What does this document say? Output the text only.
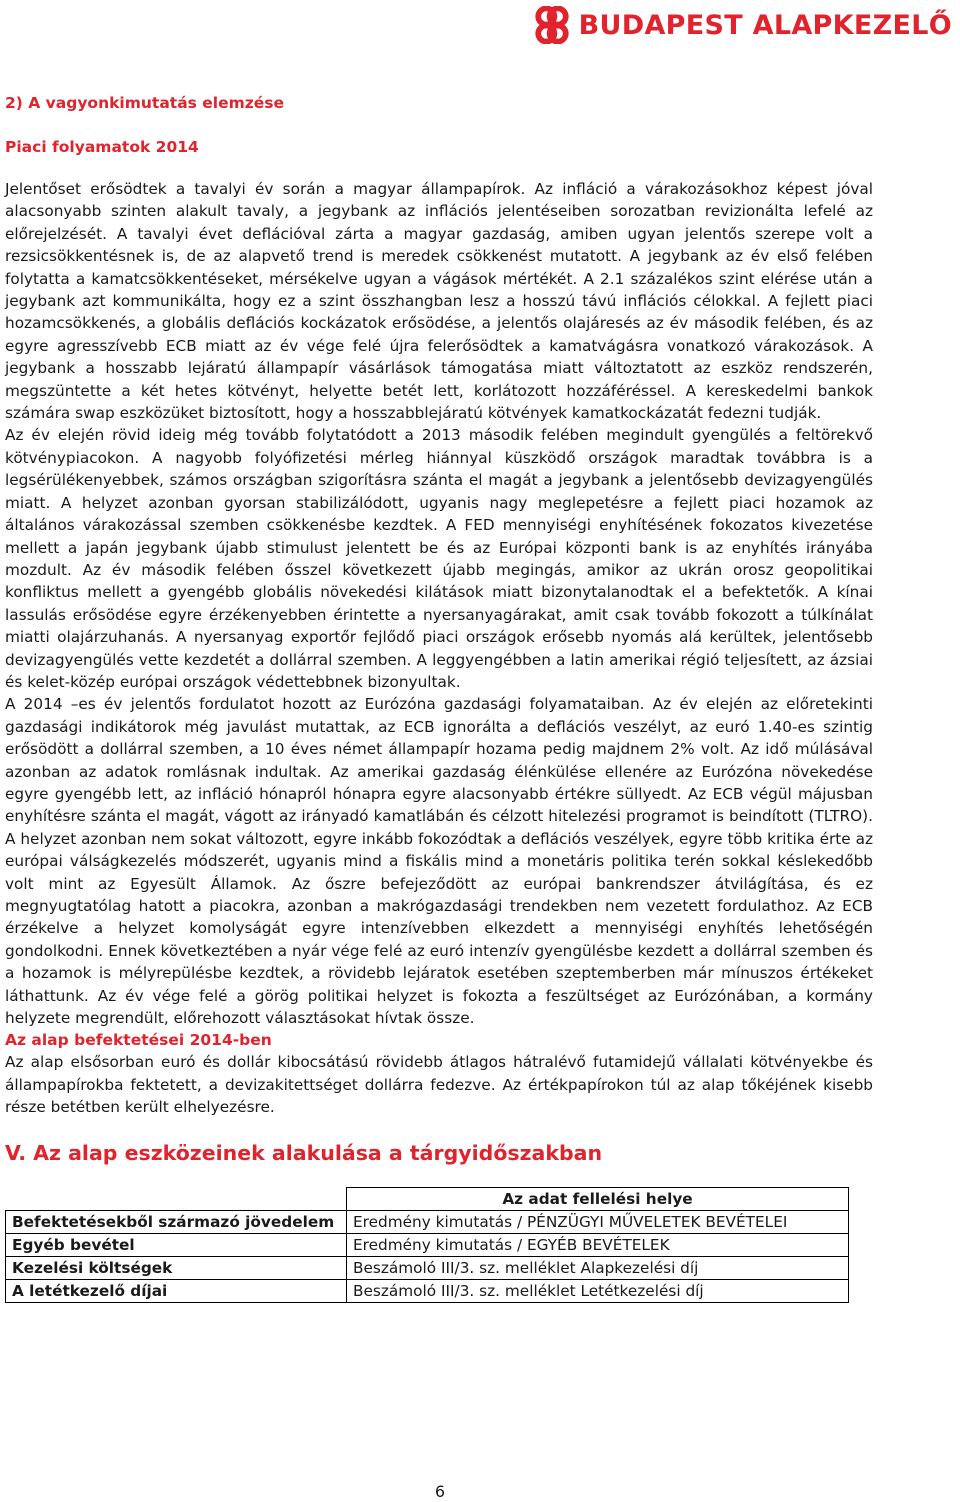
BUDAPEST ALAPKEZELŐ
2) A vagyonkimutatás elemzése
Piaci folyamatok 2014

Jelentőset erősödtek a tavalyi év során a magyar állampapírok. Az infláció a várakozásokhoz képest jóval alacsonyabb szinten alakult tavaly, a jegybank az inflációs jelentéseiben sorozatban revizionálta lefelé az előrejelzését. A tavalyi évet deflációval zárta a magyar gazdaság, amiben ugyan jelentős szerepe volt a rezsicsökkentésnek is, de az alapvető trend is meredek csökkenést mutatott. A jegybank az év első felében folytatta a kamatcsökkentéseket, mérsékelve ugyan a vágások mértékét. A 2.1 százalékos szint elérése után a jegybank azt kommunikálta, hogy ez a szint összhangban lesz a hosszú távú inflációs célokkal. A fejlett piaci hozamcsökkenés, a globális deflációs kockázatok erősödése, a jelentős olajáresés az év második felében, és az egyre agresszívebb ECB miatt az év vége felé újra felerősödtek a kamatvágásra vonatkozó várakozások. A jegybank a hosszabb lejáratú állampapír vásárlások támogatása miatt változtatott az eszköz rendszerén, megszüntette a két hetes kötvényt, helyette betét lett, korlátozott hozzáféréssel. A kereskedelmi bankok számára swap eszközüket biztosított, hogy a hosszabblejáratú kötvények kamatkockázatát fedezni tudják.

Az év elején rövid ideig még tovább folytatódott a 2013 második felében megindult gyengülés a feltörekvő kötvénypiacokon. A nagyobb folyófizetési mérleg hiánnyal küszködő országok maradtak továbbra is a legsérülékenyebbek, számos országban szigorításra szánta el magát a jegybank a jelentősebb devizagyengülés miatt. A helyzet azonban gyorsan stabilizálódott, ugyanis nagy meglepetésre a fejlett piaci hozamok az általános várakozással szemben csökkenésbe kezdtek. A FED mennyiségi enyhítésének fokozatos kivezetése mellett a japán jegybank újabb stimulust jelentett be és az Európai központi bank is az enyhítés irányába mozdult. Az év második felében ősszel következett újabb megingás, amikor az ukrán orosz geopolitikai konfliktus mellett a gyengébb globális növekedési kilátások miatt bizonytalanodtak el a befektetők. A kínai lassulás erősödése egyre érzékenyebben érintette a nyersanyagárakat, amit csak tovább fokozott a túlkínálat miatti olajárzuhanás. A nyersanyag exportőr fejlődő piaci országok erősebb nyomás alá kerültek, jelentősebb devizagyengülés vette kezdetét a dollárral szemben. A leggyengébben a latin amerikai régió teljesített, az ázsiai és kelet-közép európai országok védettebbnek bizonyultak.

A 2014 –es év jelentős fordulatot hozott az Eurózóna gazdasági folyamataiban. Az év elején az előretekinti gazdasági indikátorok még javulást mutattak, az ECB ignorálta a deflációs veszélyt, az euró 1.40-es szintig erősödött a dollárral szemben, a 10 éves német állampapír hozama pedig majdnem 2% volt. Az idő múlásával azonban az adatok romlásnak indultak. Az amerikai gazdaság élénkülése ellenére az Eurózóna növekedése egyre gyengébb lett, az infláció hónapról hónapra egyre alacsonyabb értékre süllyedt. Az ECB végül májusban enyhítésre szánta el magát, vágott az irányadó kamatlábán és célzott hitelezési programot is beindított (TLTRO). A helyzet azonban nem sokat változott, egyre inkább fokozódtak a deflációs veszélyek, egyre több kritika érte az európai válságkezelés módszerét, ugyanis mind a fiskális mind a monetáris politika terén sokkal késlekedőbb volt mint az Egyesült Államok. Az őszre befejeződött az európai bankrendszer átvilágítása, és ez megnyugtatólag hatott a piacokra, azonban a makrógazdasági trendekben nem vezetett fordulathoz. Az ECB érzékelve a helyzet komolyságát egyre intenzívebben elkezdett a mennyiségi enyhítés lehetőségén gondolkodni. Ennek következtében a nyár vége felé az euró intenzív gyengülésbe kezdett a dollárral szemben és a hozamok is mélyrepülésbe kezdtek, a rövidebb lejáratok esetében szeptemberben már mínuszos értékeket láthattunk. Az év vége felé a görög politikai helyzet is fokozta a feszültséget az Eurózónában, a kormány helyzete megrendült, előrehozott választásokat hívtak össze.

Az alap befektetései 2014-ben

Az alap elsősorban euró és dollár kibocsátású rövidebb átlagos hátralévő futamidejű vállalati kötvényekbe és állampapírokba fektetett, a devizakitettséget dollárra fedezve. Az értékpapírokon túl az alap tőkéjének kisebb része betétben került elhelyezésre.

V. Az alap eszközeinek alakulása a tárgyidőszakban
	Az adat fellelési helye
Befektetésekből származó jövedelem	Eredmény kimutatás / PÉNZÜGYI MŰVELETEK BEVÉTELEI
Egyéb bevétel	Eredmény kimutatás / EGYÉB BEVÉTELEK
Kezelési költségek	Beszámoló III/3. sz. melléklet Alapkezelési díj
A letétkezelő díjai	Beszámoló III/3. sz. melléklet Letétkezelési díj
6
